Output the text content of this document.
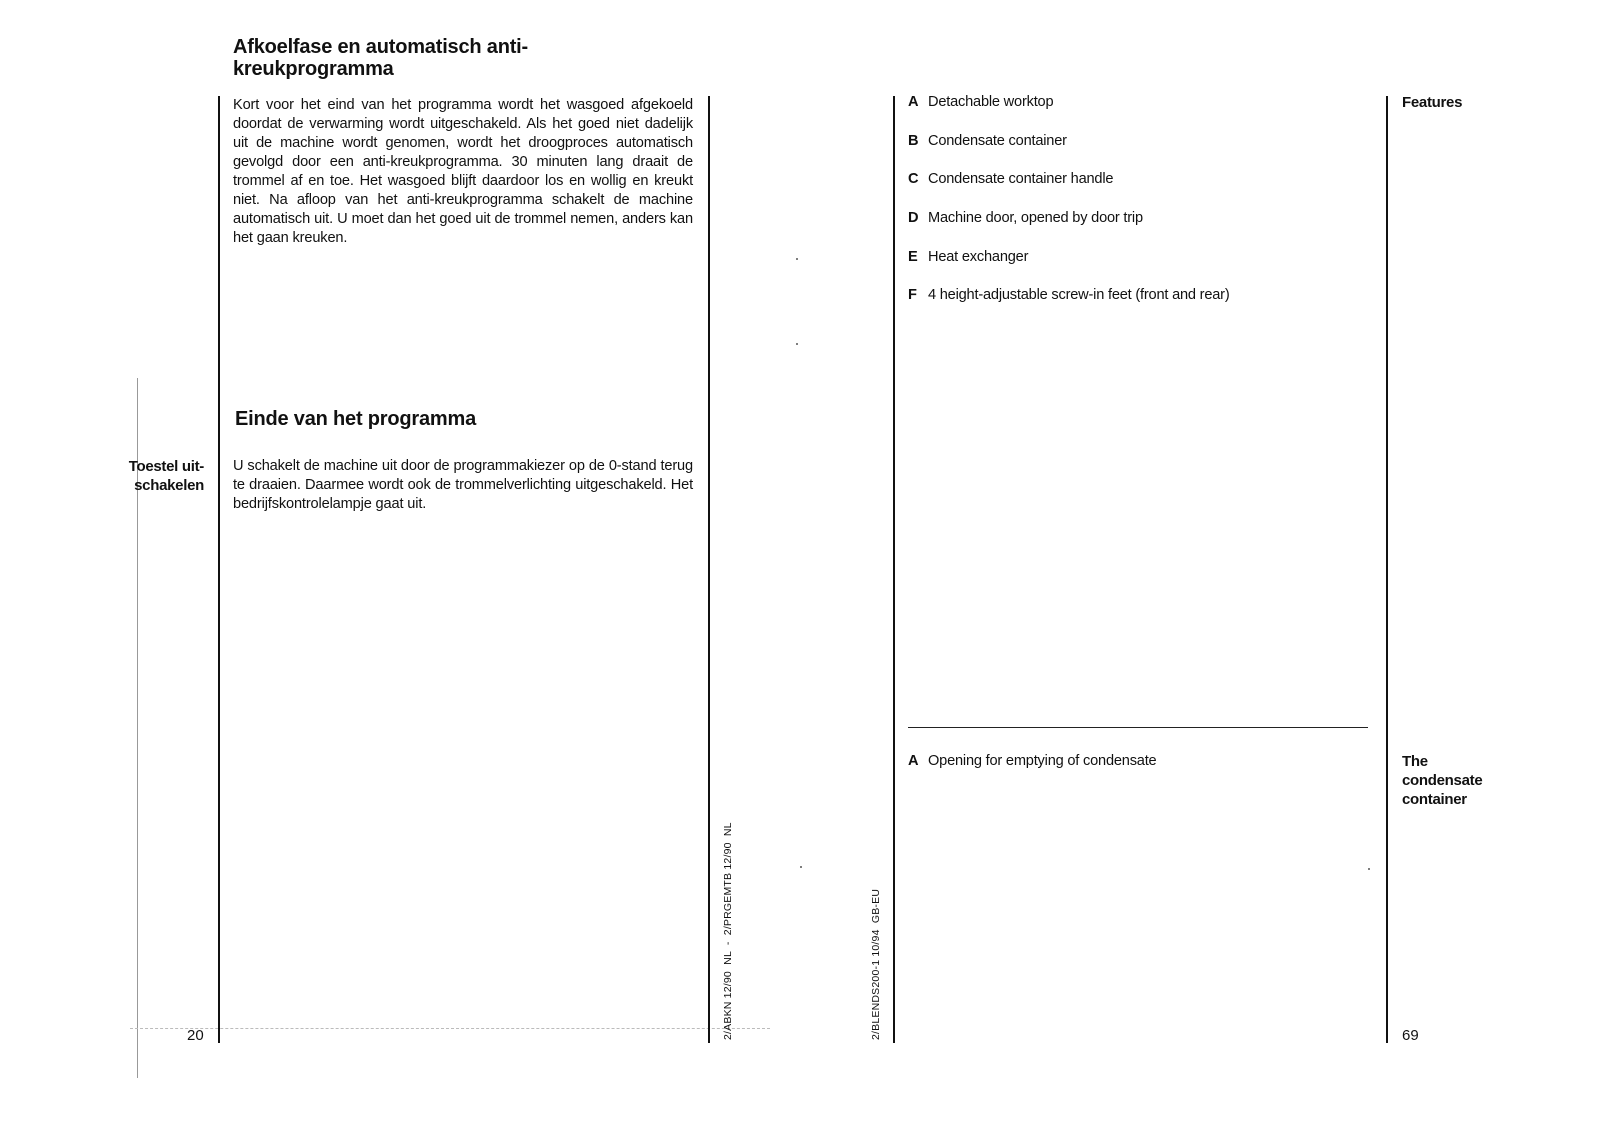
Afkoelfase en automatisch anti-
kreukprogramma

Kort voor het eind van het programma wordt het wasgoed afgekoeld doordat de verwarming wordt uitgeschakeld. Als het goed niet dadelijk uit de machine wordt genomen, wordt het droogproces automatisch gevolgd door een anti-kreukprogramma. 30 minuten lang draait de trommel af en toe. Het wasgoed blijft daardoor los en wollig en kreukt niet. Na afloop van het anti-kreukprogramma schakelt de machine automatisch uit. U moet dan het goed uit de trommel nemen, anders kan het gaan kreuken.

Einde van het programma

Toestel uit-

schakelen

U schakelt de machine uit door de programmakiezer op de 0-stand terug te draaien. Daarmee wordt ook de trommelverlichting uitgeschakeld. Het bedrijfskontrolelampje gaat uit.

20	2/ABKN 12/90  NL  -  2/PRGEMTB 12/90  NL	2/BLENDS200-1 10/94  GB-EU
A Detachable worktop
B Condensate container
C Condensate container handle
D Machine door, opened by door trip
E Heat exchanger
F 4 height-adjustable screw-in feet (front and rear)
Features
A Opening for emptying of condensate	The

condensate

container

69
